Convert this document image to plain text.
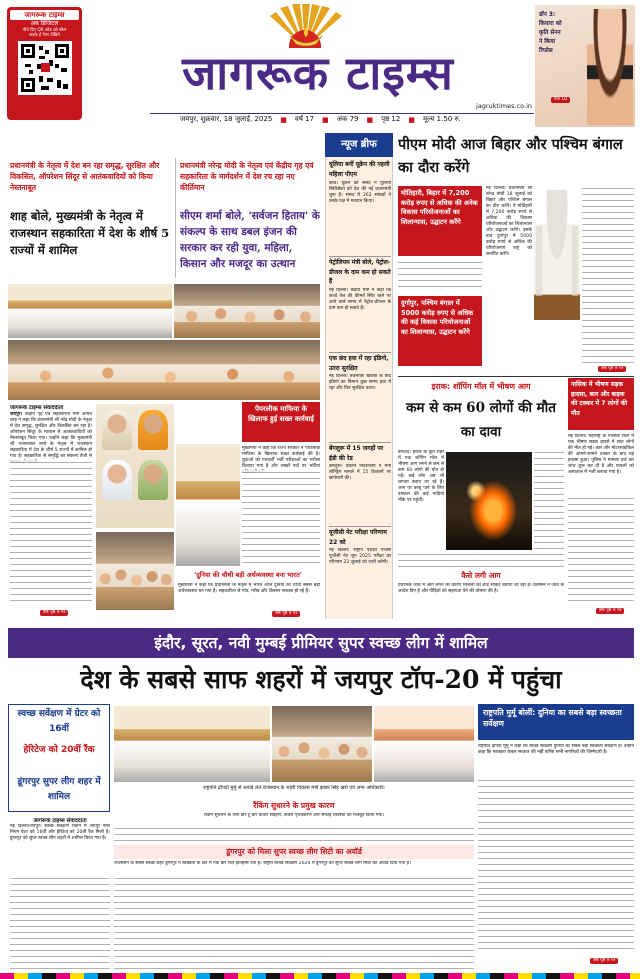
जागरूक टाइम्स
अब डिजिटल
नीचे दिए QR कोड को स्कैन
करके ई पेपर देखिये
जागरूक टाइम्स
jagruktimes.co.in
जयपुर, शुक्रवार, 18 जुलाई, 2025 ■ वर्ष 17 ■ अंक 79 ■ पृष्ठ 12 ■ मूल्य 1.50 रु.
डॉन 3:
कियारा को
कृति सेनन
ने किया
रिप्लेस
पेज 10
प्रधानमंत्री के नेतृत्व में देश बन रहा समृद्ध, सुरक्षित और विकसित, ऑपरेशन सिंदूर से आतंकवादियों को किया नेस्तनाबूत
शाह बोले, मुख्यमंत्री के नेतृत्व में राजस्थान सहकारिता में देश के शीर्ष 5 राज्यों में शामिल
प्रधानमंत्री नरेन्द्र मोदी के नेतृत्व एवं केंद्रीय गृह एवं सहकारिता के मार्गदर्शन में देश रच रहा नए कीर्तिमान
सीएम शर्मा बोले, 'सर्वजन हिताय' के संकल्प के साथ डबल इंजन की सरकार कर रही युवा, महिला, किसान और मजदूर का उत्थान
जागरूक टाइम्स संवाददाता
जयपुर। केंद्रीय गृह एवं सहकारिता मंत्री अमित शाह ने कहा कि प्रधानमंत्री श्री नरेंद्र मोदी के नेतृत्व में देश समृद्ध, सुरक्षित और विकसित बन रहा है। ऑपरेशन सिंदूर के माध्यम से आतंकवादियों को नेस्तनाबूत किया गया। उन्होंने कहा कि मुख्यमंत्री श्री भजनलाल शर्मा के नेतृत्व में राजस्थान सहकारिता में देश के शीर्ष 5 राज्यों में शामिल हो गया है। सहकारिता से समृद्धि का संकल्प तेजी से
शेष पृष्ठ 9 पर
पेपरलीक माफिया के खिलाफ हुई सख्त कार्रवाई
मुख्यमंत्री ने कहा कि राज्य सरकार ने पेपरलीक माफिया के खिलाफ सख्त कार्रवाई की है। युवाओं को पारदर्शी भर्ती परीक्षाओं का भरोसा दिलाया गया है और लाखों पदों पर भर्तियां
'दुनिया की चौथी बड़ी अर्थव्यवस्था बना भारत'
मुख्यमंत्री ने कहा कि प्रधानमंत्री के नेतृत्व में भारत आज दुनिया की चौथी सबसे बड़ी अर्थव्यवस्था बन गया है। सहकारिता से गांव, गरीब और किसान सशक्त हो रहे हैं।
शेष पृष्ठ 9 पर
न्यूज ब्रीफ
यूलिया बनीं यूक्रेन की पहली महिला पीएम
कीव। यूक्रेन की संसद ने यूलिया स्विरिडेंको को देश की नई प्रधानमंत्री चुना है। संसद में 262 सांसदों ने उनके पक्ष में मतदान किया।
पेट्रोलियम मंत्री बोले, पेट्रोल-डीजल के दाम कम हो सकते हैं
नई दिल्ली। केंद्रीय मंत्री ने कहा कि कच्चे तेल की कीमतें स्थिर रहने पर आने वाले समय में पेट्रोल-डीजल के दाम कम हो सकते हैं।
एक छंद हवा में रहा इंडिगो, उतरा सुरक्षित
नई दिल्ली। तकनीकी खराबी के बाद इंडिगो का विमान कुछ समय हवा में रहा और फिर सुरक्षित उतरा।
बेंगलुरू में 15 जगहों पर ईडी की रेड
बेंगलुरू। प्रवर्तन निदेशालय ने मनी लॉन्ड्रिंग मामले में 15 ठिकानों पर छापेमारी की।
यूजीसी नेट परीक्षा परिणाम 22 को
नई दिल्ली। राष्ट्रीय परीक्षा एजेंसी यूजीसी नेट जून 2025 परीक्षा का परिणाम 22 जुलाई को जारी करेगी।
पीएम मोदी आज बिहार और पश्चिम बंगाल का दौरा करेंगे
मोतिहारी, बिहार में 7,200 करोड़ रुपए से अधिक की अनेक विकास परियोजनाओं का शिलान्यास, उद्घाटन करेंगे
दुर्गापुर, पश्चिम बंगाल में 5000 करोड़ रुपए से अधिक की कई विकास परियोजनाओं का शिलान्यास, उद्घाटन करेंगे
नई दिल्ली। प्रधानमंत्री श्री नरेन्द्र मोदी 18 जुलाई को बिहार और पश्चिम बंगाल का दौरा करेंगे। वे मोतिहारी में 7,200 करोड़ रुपये से अधिक की विकास परियोजनाओं का शिलान्यास और उद्घाटन करेंगे। इसके बाद दुर्गापुर में 5000 करोड़ रुपये से अधिक की परियोजनाएं राष्ट्र को समर्पित करेंगे।
शेष पृष्ठ 9 पर
इराक: शॉपिंग मॉल में भीषण आग
कम से कम 60 लोगों की मौत का दावा
बगदाद। इराक के कूत शहर में एक शॉपिंग मॉल में भीषण आग लगने से कम से कम 60 लोगों की मौत हो गई। कई लोग अब भी लापता बताए जा रहे हैं। आग पर काबू पाने के लिए दमकल की कई गाड़ियां मौके पर पहुंचीं।
कैसे लगी आग
प्रारंभिक जांच में आग लगने का कारण बिजली का शॉर्ट सर्किट बताया जा रहा है। प्रशासन ने जांच के आदेश दिए हैं और पीड़ितों को सहायता देने की घोषणा की है।
नासिक में भीषण सड़क हादसा, कार और बाइक की टक्कर में 7 लोगों की मौत
नई दिल्ली। महाराष्ट्र के नासिक जिले में एक भीषण सड़क हादसे में सात लोगों की मौत हो गई। कार और मोटरसाइकिल की आमने-सामने टक्कर के बाद यह हादसा हुआ। पुलिस ने मामला दर्ज कर जांच शुरू कर दी है और घायलों को अस्पताल में भर्ती कराया गया है।
शेष पृष्ठ 9 पर
इंदौर, सूरत, नवी मुम्बई प्रीमियर सुपर स्वच्छ लीग में शामिल
देश के सबसे साफ शहरों में जयपुर टॉप-20 में पहुंचा
स्वच्छ सर्वेक्षण में ग्रेटर को 16वीं
हेरिटेज को 20वीं रैंक
डूंगरपुर सुपर लीग शहर में शामिल
जागरूक टाइम्स संवाददाता
नई दिल्ली/जयपुर। स्वच्छ सर्वेक्षण रैंकिंग में जयपुर नगर निगम ग्रेटर को 16वीं और हेरिटेज को 20वीं रैंक मिली है। डूंगरपुर को सुपर स्वच्छ लीग शहरों में शामिल किया गया है।
राष्ट्रपति द्रौपदी मुर्मू से अवार्ड लेते राजस्थान के शहरी विकास मंत्री झाबर सिंह खर्रा एवं अन्य अधिकारी।
रैंकिंग सुधारने के प्रमुख कारण
रैंकिंग सुधारने के लिए डोर टू डोर कचरा संग्रहण, कचरा पृथक्करण और सफाई व्यवस्था को मजबूत किया गया।
डूंगरपुर को मिला सुपर स्वच्छ लीग सिटी का अवॉर्ड
राजस्थान के सबसे स्वच्छ शहर डूंगरपुर ने स्वच्छता के क्षेत्र में एक बार फिर इतिहास रचा है। राष्ट्रीय स्वच्छ सर्वेक्षण 2024 में डूंगरपुर को सुपर स्वच्छ लीग सिटी का अवॉर्ड दिया गया है।
राष्ट्रपति मुर्मू बोलीं: दुनिया का सबसे बड़ा स्वच्छता सर्वेक्षण
राष्ट्रपति द्रौपदी मुर्मू ने कहा कि स्वच्छ सर्वेक्षण दुनिया का सबसे बड़ा स्वच्छता सर्वेक्षण है। उन्होंने कहा कि स्वच्छता केवल सरकार की नहीं बल्कि सभी नागरिकों की जिम्मेदारी है।
शेष पृष्ठ 9 पर
